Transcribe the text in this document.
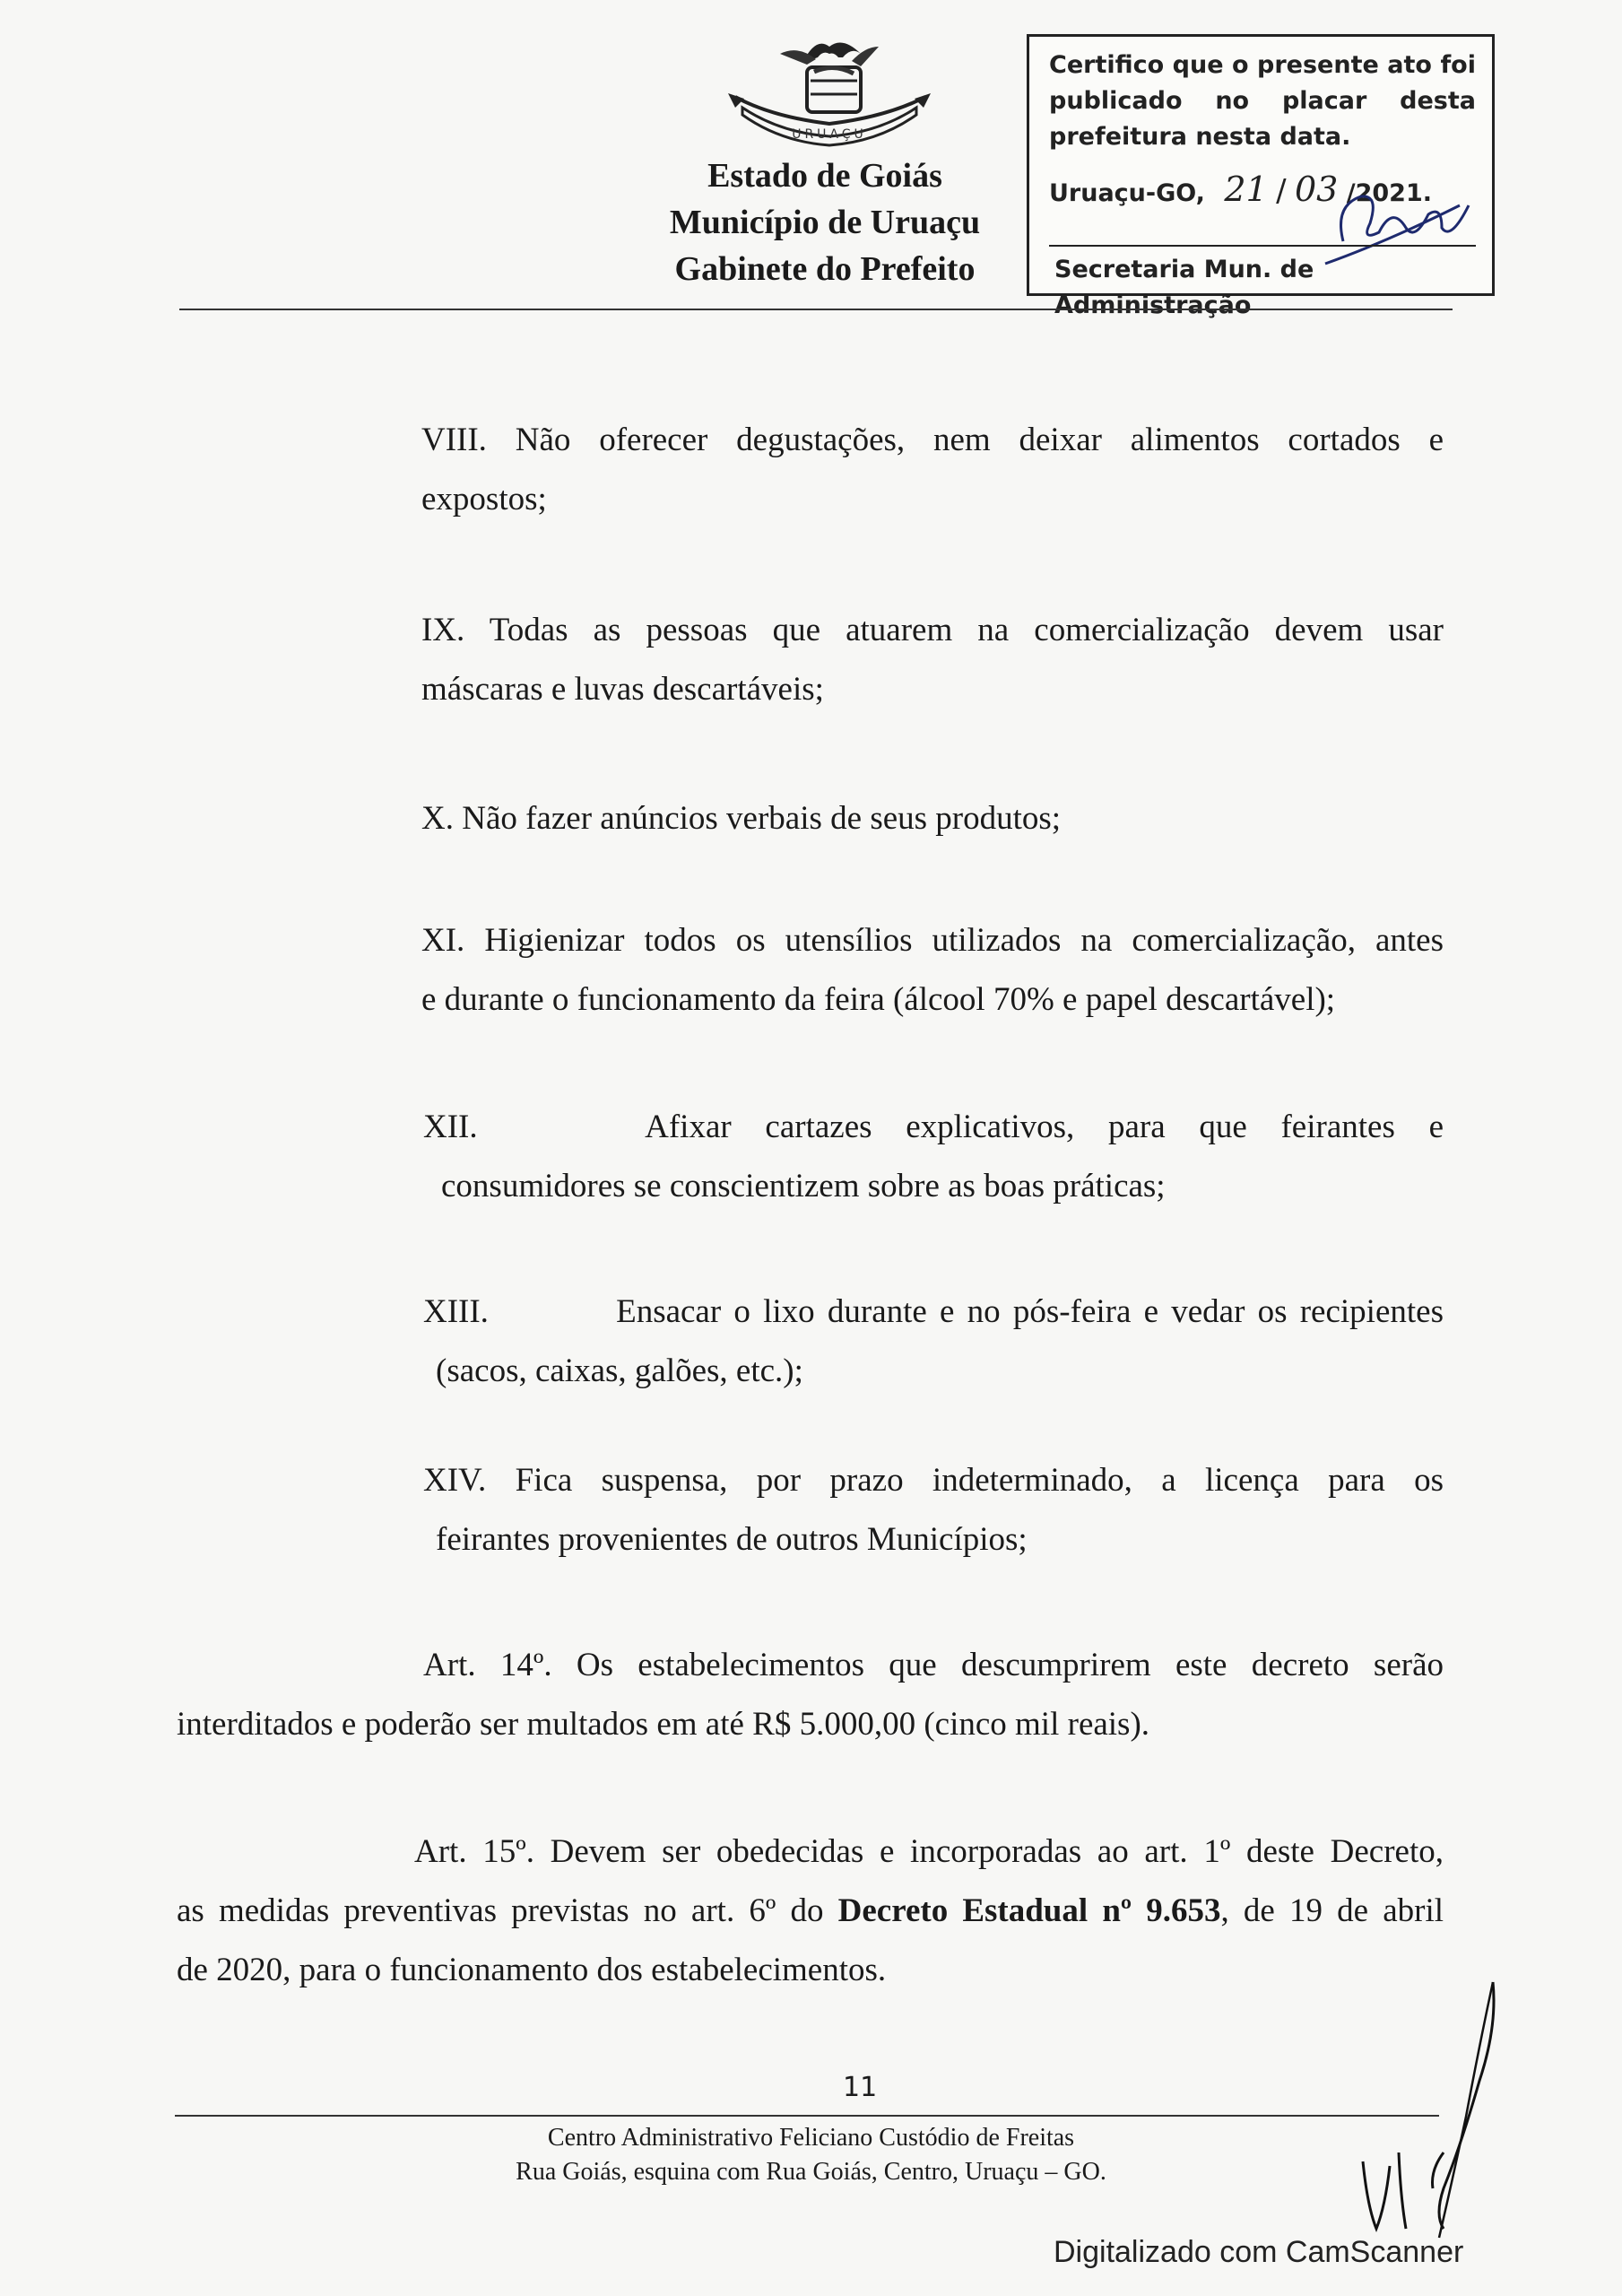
URUAÇU
Estado de Goiás
Município de Uruaçu
Gabinete do Prefeito
Certifico que o presente ato foi
publicado no placar desta
prefeitura nesta data.
Uruaçu-GO, 21 / 03 /2021.
Secretaria Mun. de Administração
VIII. Não oferecer degustações, nem deixar alimentos cortados e
expostos;
IX. Todas as pessoas que atuarem na comercialização devem usar
máscaras e luvas descartáveis;
X. Não fazer anúncios verbais de seus produtos;
XI. Higienizar todos os utensílios utilizados na comercialização, antes
e durante o funcionamento da feira (álcool 70% e papel descartável);
XII.          Afixar  cartazes  explicativos,  para  que  feirantes  e
consumidores se conscientizem sobre as boas práticas;
XIII.          Ensacar o lixo durante e no pós-feira e vedar os recipientes
(sacos, caixas, galões, etc.);
XIV. Fica suspensa, por prazo indeterminado, a licença para os
feirantes provenientes de outros Municípios;
Art. 14º. Os estabelecimentos que descumprirem este decreto serão
interditados e poderão ser multados em até R$ 5.000,00 (cinco mil reais).
Art. 15º. Devem ser obedecidas e incorporadas ao art. 1º deste Decreto,
as medidas preventivas previstas no art. 6º do Decreto Estadual nº 9.653, de 19 de abril
de 2020, para o funcionamento dos estabelecimentos.
11
Centro Administrativo Feliciano Custódio de Freitas
Rua Goiás, esquina com Rua Goiás, Centro, Uruaçu – GO.
Digitalizado com CamScanner
